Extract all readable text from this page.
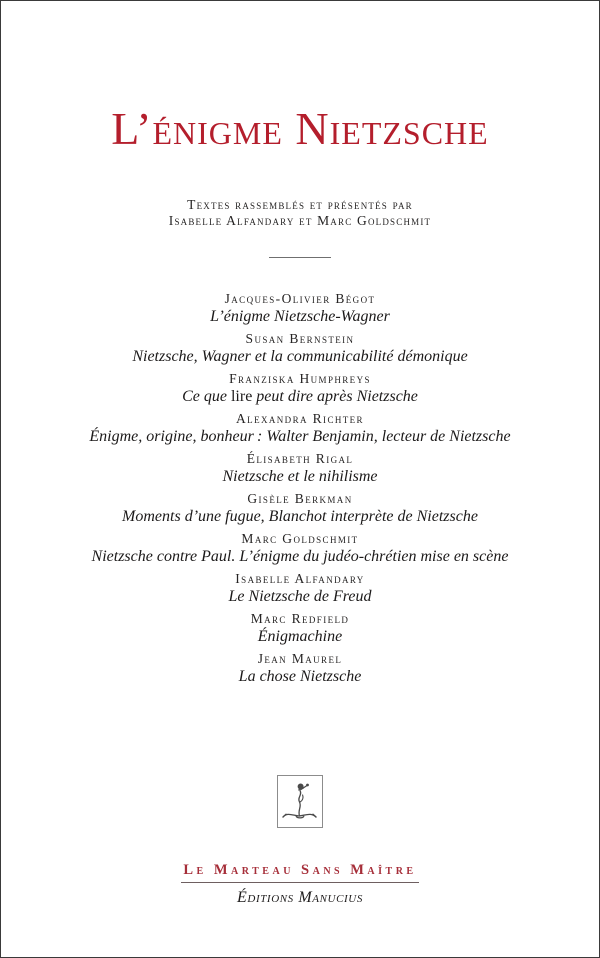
L’énigme Nietzsche
Textes rassemblés et présentés par
Isabelle Alfandary et Marc Goldschmit
Jacques-Olivier Bégot
L’énigme Nietzsche-Wagner
Susan Bernstein
Nietzsche, Wagner et la communicabilité démonique
Franziska Humphreys
Ce que lire peut dire après Nietzsche
Alexandra Richter
Énigme, origine, bonheur : Walter Benjamin, lecteur de Nietzsche
Élisabeth Rigal
Nietzsche et le nihilisme
Gisèle Berkman
Moments d’une fugue, Blanchot interprète de Nietzsche
Marc Goldschmit
Nietzsche contre Paul. L’énigme du judéo-chrétien mise en scène
Isabelle Alfandary
Le Nietzsche de Freud
Marc Redfield
Énigmachine
Jean Maurel
La chose Nietzsche
Le Marteau Sans Maître
Éditions Manucius
